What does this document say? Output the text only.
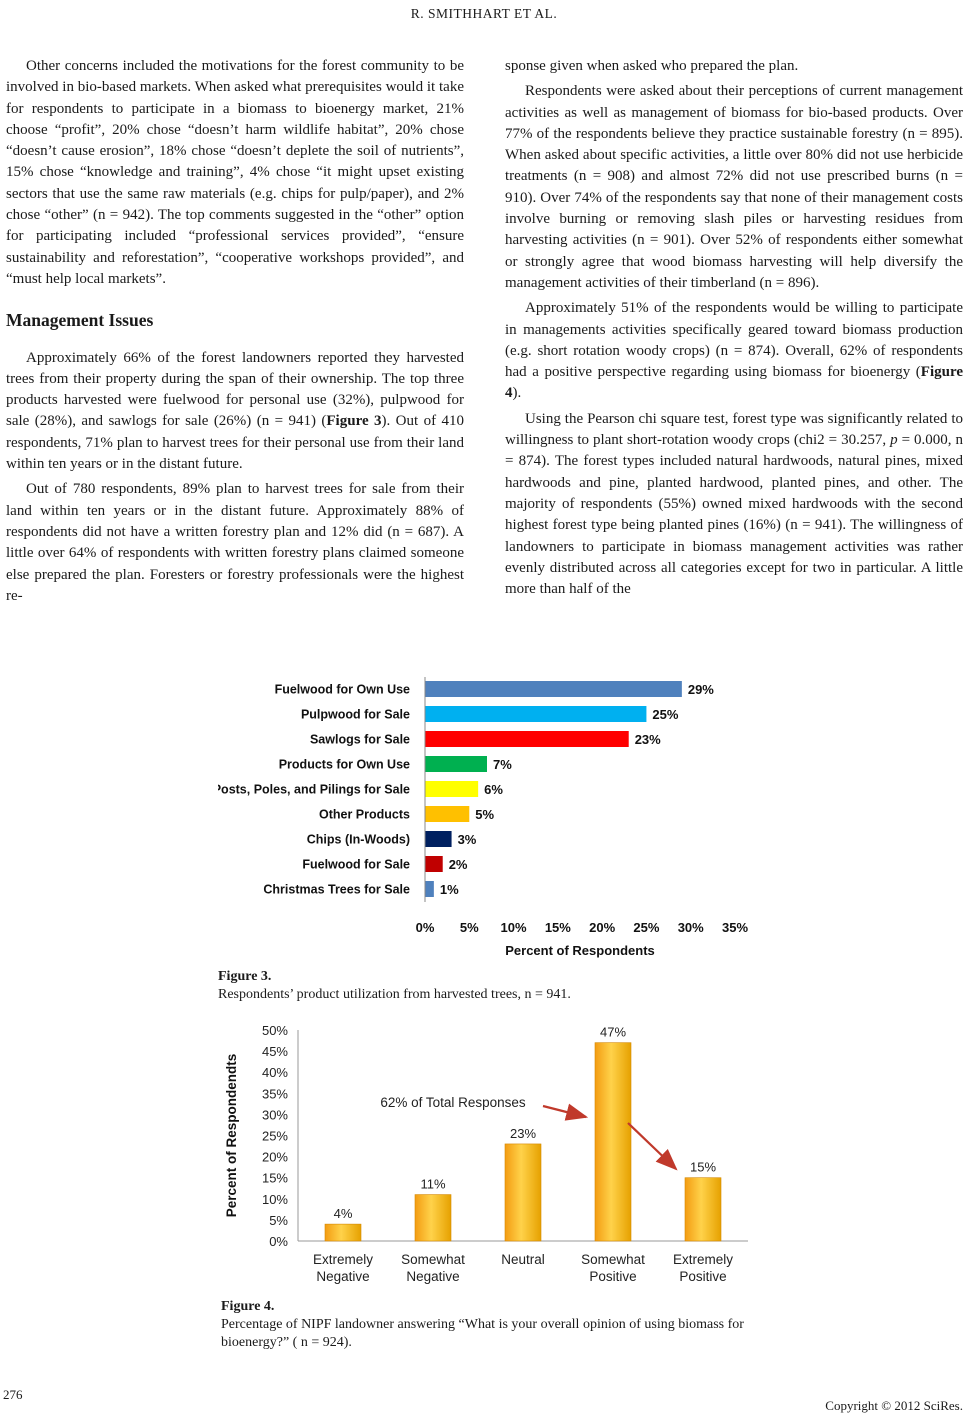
R. SMITHHART ET AL.

Other concerns included the motivations for the forest community to be involved in bio-based markets. When asked what prerequisites would it take for respondents to participate in a biomass to bioenergy market, 21% choose “profit”, 20% chose “doesn’t harm wildlife habitat”, 20% chose “doesn’t cause erosion”, 18% chose “doesn’t deplete the soil of nutrients”, 15% chose “knowledge and training”, 4% chose “it might upset existing sectors that use the same raw materials (e.g. chips for pulp/paper), and 2% chose “other” (n = 942). The top comments suggested in the “other” option for participating included “professional services provided”, “ensure sustainability and reforestation”, “cooperative workshops provided”, and “must help local markets”.

Management Issues

Approximately 66% of the forest landowners reported they harvested trees from their property during the span of their ownership. The top three products harvested were fuelwood for personal use (32%), pulpwood for sale (28%), and sawlogs for sale (26%) (n = 941) (Figure 3). Out of 410 respondents, 71% plan to harvest trees for their personal use from their land within ten years or in the distant future.

Out of 780 respondents, 89% plan to harvest trees for sale from their land within ten years or in the distant future. Approximately 88% of respondents did not have a written forestry plan and 12% did (n = 687). A little over 64% of respondents with written forestry plans claimed someone else prepared the plan. Foresters or forestry professionals were the highest re-

sponse given when asked who prepared the plan.

Respondents were asked about their perceptions of current management activities as well as management of biomass for bio-based products. Over 77% of the respondents believe they practice sustainable forestry (n = 895). When asked about specific activities, a little over 80% did not use herbicide treatments (n = 908) and almost 72% did not use prescribed burns (n = 910). Over 74% of the respondents say that none of their management costs involve burning or removing slash piles or harvesting residues from harvesting activities (n = 901). Over 52% of respondents either somewhat or strongly agree that wood biomass harvesting will help diversify the management activities of their timberland (n = 896).

Approximately 51% of the respondents would be willing to participate in managements activities specifically geared toward biomass production (e.g. short rotation woody crops) (n = 874). Overall, 62% of respondents had a positive perspective regarding using biomass for bioenergy (Figure 4).

Using the Pearson chi square test, forest type was significantly related to willingness to plant short-rotation woody crops (chi2 = 30.257, p = 0.000, n = 874). The forest types included natural hardwoods, natural pines, mixed hardwoods and pine, planted hardwood, planted pines, and other. The majority of respondents (55%) owned mixed hardwoods with the second highest forest type being planted pines (16%) (n = 941). The willingness of landowners to participate in biomass management activities was rather evenly distributed across all categories except for two in particular. A little more than half of the

Fuelwood for Own Use	29%
Pulpwood for Sale	25%
Sawlogs for Sale	23%
Products for Own Use	7%
Posts, Poles, and Pilings for Sale	6%
Other Products	5%
Chips (In-Woods)	3%
Fuelwood for Sale	2%
Christmas Trees for Sale 1%
0% 5% 10% 15% 20% 25% 30% 35%
Percent of Respondents
Figure 3.
Respondents’ product utilization from harvested trees, n = 941.
0%
5%
10%
15%
20%
25%
30%
35%
40%
45%
50%
4%
Extremely
Negative
11%
Somewhat
Negative
23%
Neutral
47%
Somewhat
Positive
15%
Extremely
Positive
Percent of Respondendts	62% of Total Responses
Figure 4.
Percentage of NIPF landowner answering “What is your overall opinion of using biomass for bioenergy?” ( n = 924).
276
Copyright © 2012 SciRes.
